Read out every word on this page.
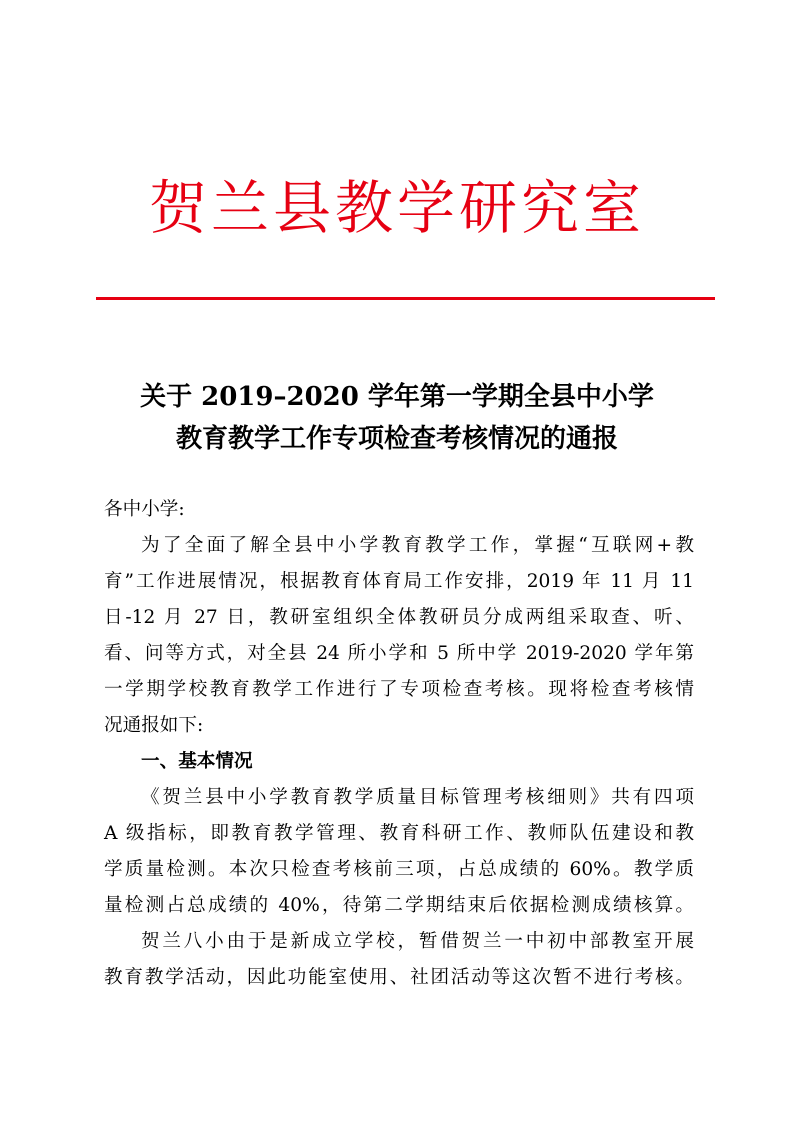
贺兰县教学研究室
关于 2019–2020 学年第一学期全县中小学
教育教学工作专项检查考核情况的通报
各中小学:
为了全面了解全县中小学教育教学工作，掌握“互联网+教
育”工作进展情况，根据教育体育局工作安排，2019 年 11 月 11
日-12 月 27 日，教研室组织全体教研员分成两组采取查、听、
看、问等方式，对全县 24 所小学和 5 所中学 2019-2020 学年第
一学期学校教育教学工作进行了专项检查考核。现将检查考核情
况通报如下:
一、基本情况
《贺兰县中小学教育教学质量目标管理考核细则》共有四项
A 级指标，即教育教学管理、教育科研工作、教师队伍建设和教
学质量检测。本次只检查考核前三项，占总成绩的 60%。教学质
量检测占总成绩的 40%，待第二学期结束后依据检测成绩核算。
贺兰八小由于是新成立学校，暂借贺兰一中初中部教室开展
教育教学活动，因此功能室使用、社团活动等这次暂不进行考核。
